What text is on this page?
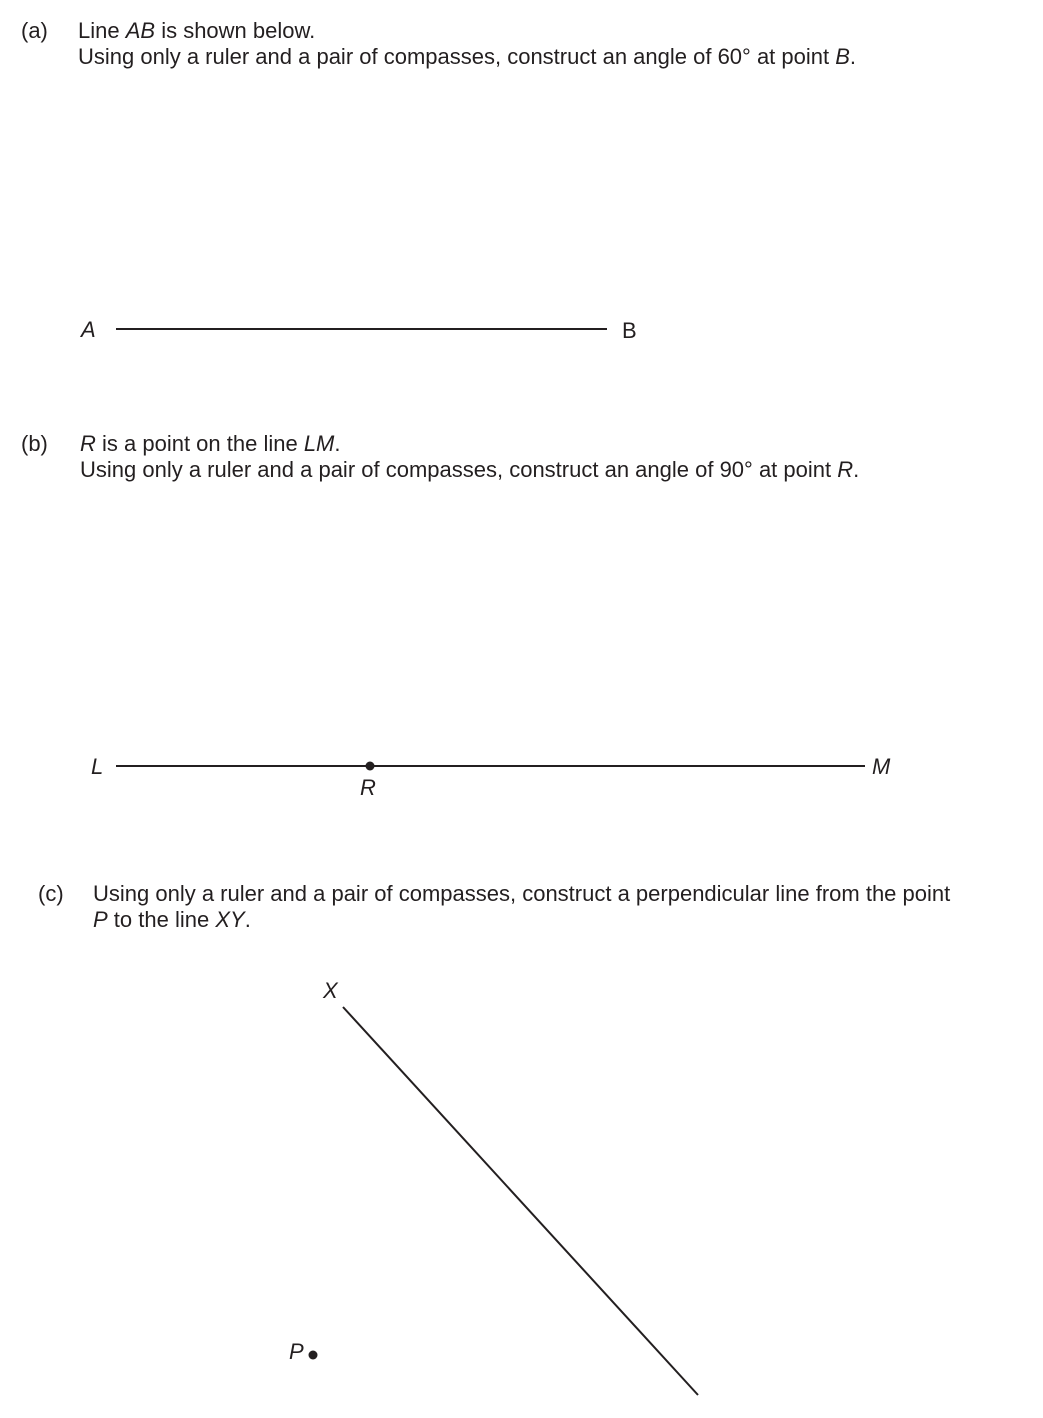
(a) Line AB is shown below.
Using only a ruler and a pair of compasses, construct an angle of 60° at point B.
A	B
(b) R is a point on the line LM.
Using only a ruler and a pair of compasses, construct an angle of 90° at point R.
L
R
M
(c) Using only a ruler and a pair of compasses, construct a perpendicular line from the point
P to the line XY.
X
P
